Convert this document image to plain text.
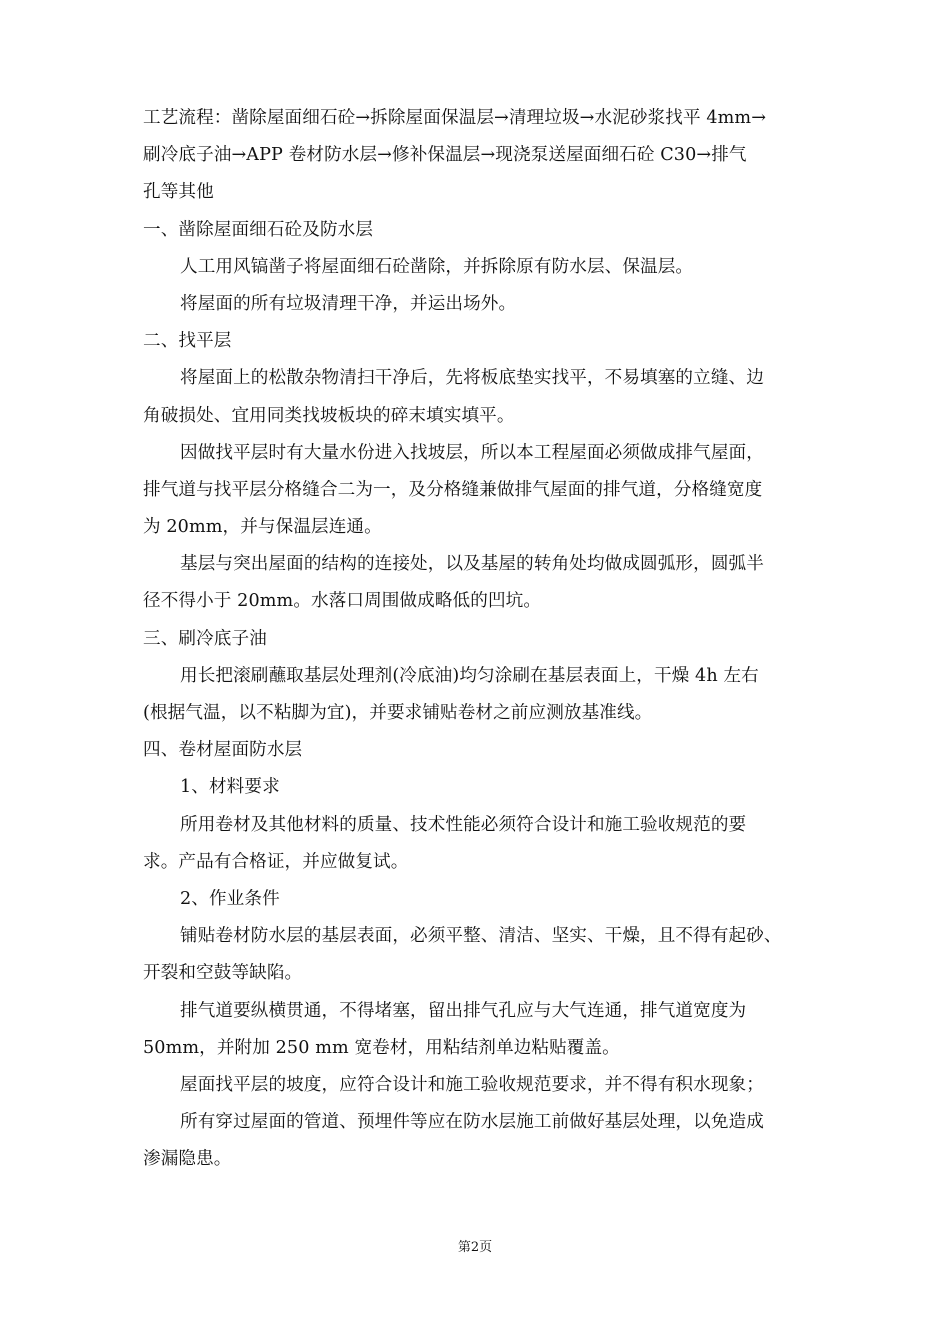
工艺流程：凿除屋面细石砼→拆除屋面保温层→清理垃圾→水泥砂浆找平 4mm→
刷冷底子油→APP 卷材防水层→修补保温层→现浇泵送屋面细石砼 C30→排气
孔等其他
一、凿除屋面细石砼及防水层
人工用风镐凿子将屋面细石砼凿除，并拆除原有防水层、保温层。
将屋面的所有垃圾清理干净，并运出场外。
二、找平层
将屋面上的松散杂物清扫干净后，先将板底垫实找平，不易填塞的立缝、边
角破损处、宜用同类找坡板块的碎末填实填平。
因做找平层时有大量水份进入找坡层，所以本工程屋面必须做成排气屋面，
排气道与找平层分格缝合二为一，及分格缝兼做排气屋面的排气道，分格缝宽度
为 20mm，并与保温层连通。
基层与突出屋面的结构的连接处，以及基屋的转角处均做成圆弧形，圆弧半
径不得小于 20mm。水落口周围做成略低的凹坑。
三、刷冷底子油
用长把滚刷蘸取基层处理剂(冷底油)均匀涂刷在基层表面上，干燥 4h 左右
(根据气温，以不粘脚为宜)，并要求铺贴卷材之前应测放基准线。
四、卷材屋面防水层
1、材料要求
所用卷材及其他材料的质量、技术性能必须符合设计和施工验收规范的要
求。产品有合格证，并应做复试。
2、作业条件
铺贴卷材防水层的基层表面，必须平整、清洁、坚实、干燥，且不得有起砂、
开裂和空鼓等缺陷。
排气道要纵横贯通，不得堵塞，留出排气孔应与大气连通，排气道宽度为
50mm，并附加 250 mm 宽卷材，用粘结剂单边粘贴覆盖。
屋面找平层的坡度，应符合设计和施工验收规范要求，并不得有积水现象；
所有穿过屋面的管道、预埋件等应在防水层施工前做好基层处理，以免造成
渗漏隐患。
第2页
